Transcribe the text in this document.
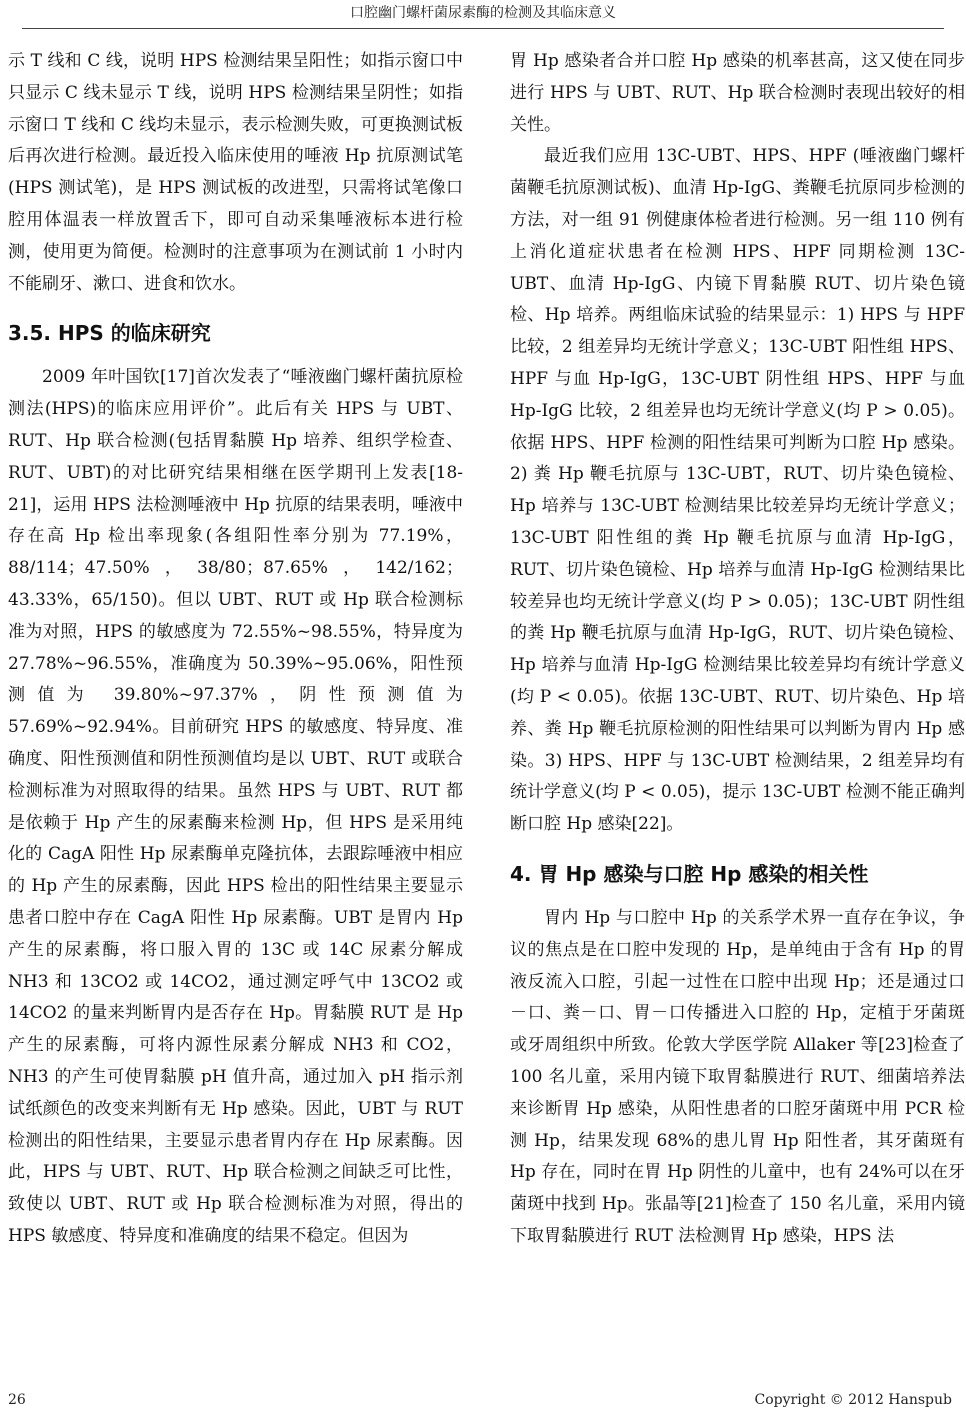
口腔幽门螺杆菌尿素酶的检测及其临床意义

示 T 线和 C 线，说明 HPS 检测结果呈阳性；如指示窗口中只显示 C 线未显示 T 线，说明 HPS 检测结果呈阴性；如指示窗口 T 线和 C 线均未显示，表示检测失败，可更换测试板后再次进行检测。最近投入临床使用的唾液 Hp 抗原测试笔(HPS 测试笔)，是 HPS 测试板的改进型，只需将试笔像口腔用体温表一样放置舌下，即可自动采集唾液标本进行检测，使用更为简便。检测时的注意事项为在测试前 1 小时内不能刷牙、漱口、进食和饮水。

3.5. HPS 的临床研究

2009 年叶国钦[17]首次发表了“唾液幽门螺杆菌抗原检测法(HPS)的临床应用评价”。此后有关 HPS 与 UBT、RUT、Hp 联合检测(包括胃黏膜 Hp 培养、组织学检查、RUT、UBT)的对比研究结果相继在医学期刊上发表[18-21]，运用 HPS 法检测唾液中 Hp 抗原的结果表明，唾液中存在高 Hp 检出率现象(各组阳性率分别为 77.19%，88/114；47.50%，38/80；87.65%，142/162；43.33%，65/150)。但以 UBT、RUT 或 Hp 联合检测标准为对照，HPS 的敏感度为 72.55%~98.55%，特异度为 27.78%~96.55%，准确度为 50.39%~95.06%，阳性预测值为 39.80%~97.37%，阴性预测值为 57.69%~92.94%。目前研究 HPS 的敏感度、特异度、准确度、阳性预测值和阴性预测值均是以 UBT、RUT 或联合检测标准为对照取得的结果。虽然 HPS 与 UBT、RUT 都是依赖于 Hp 产生的尿素酶来检测 Hp，但 HPS 是采用纯化的 CagA 阳性 Hp 尿素酶单克隆抗体，去跟踪唾液中相应的 Hp 产生的尿素酶，因此 HPS 检出的阳性结果主要显示患者口腔中存在 CagA 阳性 Hp 尿素酶。UBT 是胃内 Hp 产生的尿素酶，将口服入胃的 13C 或 14C 尿素分解成 NH3 和 13CO2 或 14CO2，通过测定呼气中 13CO2 或 14CO2 的量来判断胃内是否存在 Hp。胃黏膜 RUT 是 Hp 产生的尿素酶，可将内源性尿素分解成 NH3 和 CO2，NH3 的产生可使胃黏膜 pH 值升高，通过加入 pH 指示剂试纸颜色的改变来判断有无 Hp 感染。因此，UBT 与 RUT 检测出的阳性结果，主要显示患者胃内存在 Hp 尿素酶。因此，HPS 与 UBT、RUT、Hp 联合检测之间缺乏可比性，致使以 UBT、RUT 或 Hp 联合检测标准为对照，得出的 HPS 敏感度、特异度和准确度的结果不稳定。但因为

胃 Hp 感染者合并口腔 Hp 感染的机率甚高，这又使在同步进行 HPS 与 UBT、RUT、Hp 联合检测时表现出较好的相关性。

最近我们应用 13C-UBT、HPS、HPF (唾液幽门螺杆菌鞭毛抗原测试板)、血清 Hp-IgG、粪鞭毛抗原同步检测的方法，对一组 91 例健康体检者进行检测。另一组 110 例有上消化道症状患者在检测 HPS、HPF 同期检测 13C-UBT、血清 Hp-IgG、内镜下胃黏膜 RUT、切片染色镜检、Hp 培养。两组临床试验的结果显示：1) HPS 与 HPF 比较，2 组差异均无统计学意义；13C-UBT 阳性组 HPS、HPF 与血 Hp-IgG，13C-UBT 阴性组 HPS、HPF 与血 Hp-IgG 比较，2 组差异也均无统计学意义(均 P > 0.05)。依据 HPS、HPF 检测的阳性结果可判断为口腔 Hp 感染。2) 粪 Hp 鞭毛抗原与 13C-UBT，RUT、切片染色镜检、Hp 培养与 13C-UBT 检测结果比较差异均无统计学意义；13C-UBT 阳性组的粪 Hp 鞭毛抗原与血清 Hp-IgG，RUT、切片染色镜检、Hp 培养与血清 Hp-IgG 检测结果比较差异也均无统计学意义(均 P > 0.05)；13C-UBT 阴性组的粪 Hp 鞭毛抗原与血清 Hp-IgG，RUT、切片染色镜检、Hp 培养与血清 Hp-IgG 检测结果比较差异均有统计学意义(均 P < 0.05)。依据 13C-UBT、RUT、切片染色、Hp 培养、粪 Hp 鞭毛抗原检测的阳性结果可以判断为胃内 Hp 感染。3) HPS、HPF 与 13C-UBT 检测结果，2 组差异均有统计学意义(均 P < 0.05)，提示 13C-UBT 检测不能正确判断口腔 Hp 感染[22]。

4. 胃 Hp 感染与口腔 Hp 感染的相关性

胃内 Hp 与口腔中 Hp 的关系学术界一直存在争议，争议的焦点是在口腔中发现的 Hp，是单纯由于含有 Hp 的胃液反流入口腔，引起一过性在口腔中出现 Hp；还是通过口－口、粪－口、胃－口传播进入口腔的 Hp，定植于牙菌斑或牙周组织中所致。伦敦大学医学院 Allaker 等[23]检查了 100 名儿童，采用内镜下取胃黏膜进行 RUT、细菌培养法来诊断胃 Hp 感染，从阳性患者的口腔牙菌斑中用 PCR 检测 Hp，结果发现 68%的患儿胃 Hp 阳性者，其牙菌斑有 Hp 存在，同时在胃 Hp 阴性的儿童中，也有 24%可以在牙菌斑中找到 Hp。张晶等[21]检查了 150 名儿童，采用内镜下取胃黏膜进行 RUT 法检测胃 Hp 感染，HPS 法

26	Copyright © 2012 Hanspub
